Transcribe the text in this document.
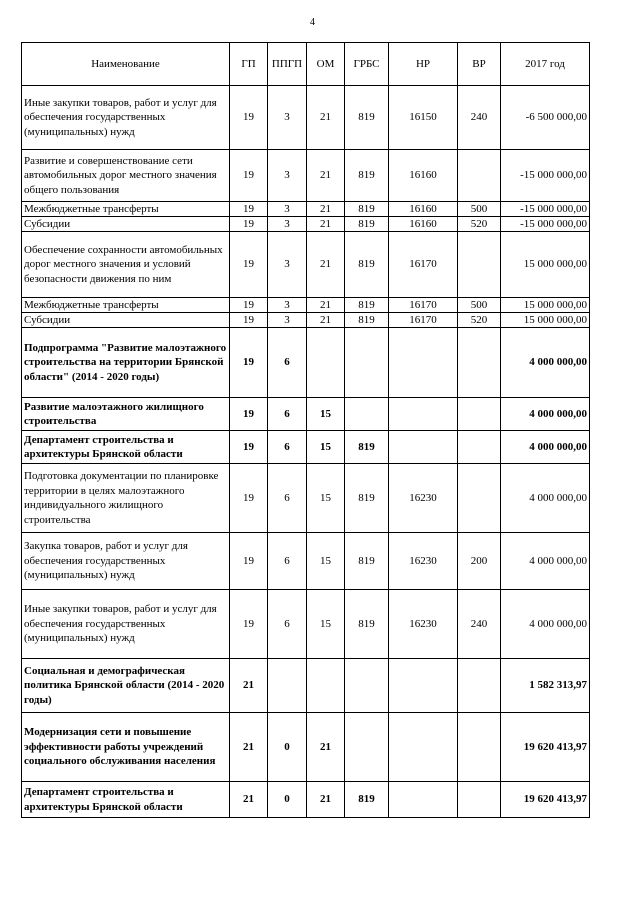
4
Наименование	ГП	ППГП	ОМ	ГРБС	НР	ВР	2017 год
Иные закупки товаров, работ и услуг для обеспечения государственных (муниципальных) нужд	19	3	21	819	16150	240	-6 500 000,00
Развитие и совершенствование сети автомобильных дорог местного значения общего пользования	19	3	21	819	16160		-15 000 000,00
Межбюджетные трансферты	19	3	21	819	16160	500	-15 000 000,00
Субсидии	19	3	21	819	16160	520	-15 000 000,00
Обеспечение сохранности автомобильных дорог местного значения и условий безопасности движения по ним	19	3	21	819	16170		15 000 000,00
Межбюджетные трансферты	19	3	21	819	16170	500	15 000 000,00
Субсидии	19	3	21	819	16170	520	15 000 000,00
Подпрограмма "Развитие малоэтажного строительства на территории Брянской области" (2014 - 2020 годы)	19	6					4 000 000,00
Развитие малоэтажного жилищного строительства	19	6	15				4 000 000,00
Департамент строительства и архитектуры Брянской области	19	6	15	819			4 000 000,00
Подготовка документации по планировке территории в целях малоэтажного индивидуального жилищного строительства	19	6	15	819	16230		4 000 000,00
Закупка товаров, работ и услуг для обеспечения государственных (муниципальных) нужд	19	6	15	819	16230	200	4 000 000,00
Иные закупки товаров, работ и услуг для обеспечения государственных (муниципальных) нужд	19	6	15	819	16230	240	4 000 000,00
Социальная и демографическая политика Брянской области (2014 - 2020 годы)	21						1 582 313,97
Модернизация сети и повышение эффективности работы учреждений социального обслуживания населения	21	0	21				19 620 413,97
Департамент строительства и архитектуры Брянской области	21	0	21	819			19 620 413,97
